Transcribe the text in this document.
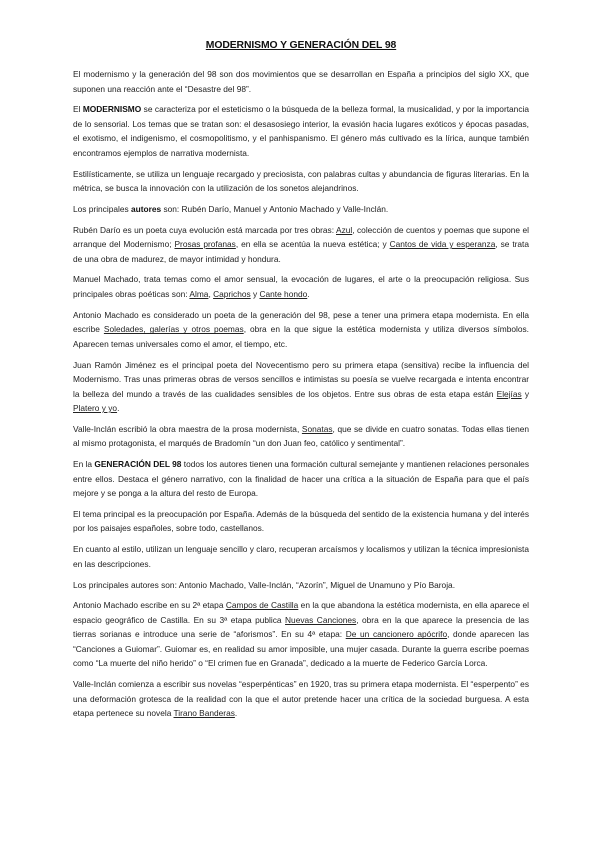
MODERNISMO Y GENERACIÓN DEL 98

El modernismo y la generación del 98 son dos movimientos que se desarrollan en España a principios del siglo XX, que suponen una reacción ante el “Desastre del 98”.

El MODERNISMO se caracteriza por el esteticismo o la búsqueda de la belleza formal, la musicalidad, y por la importancia de lo sensorial. Los temas que se tratan son: el desasosiego interior, la evasión hacia lugares exóticos y épocas pasadas, el exotismo, el indigenismo, el cosmopolitismo, y el panhispanismo. El género más cultivado es la lírica, aunque también encontramos ejemplos de narrativa modernista.

Estilísticamente, se utiliza un lenguaje recargado y preciosista, con palabras cultas y abundancia de figuras literarias. En la métrica, se busca la innovación con la utilización de los sonetos alejandrinos.

Los principales autores son: Rubén Darío, Manuel y Antonio Machado y Valle-Inclán.

Rubén Darío es un poeta cuya evolución está marcada por tres obras: Azul, colección de cuentos y poemas que supone el arranque del Modernismo; Prosas profanas, en ella se acentúa la nueva estética; y Cantos de vida y esperanza, se trata de una obra de madurez, de mayor intimidad y hondura.

Manuel Machado, trata temas como el amor sensual, la evocación de lugares, el arte o la preocupación religiosa. Sus principales obras poéticas son: Alma, Caprichos y Cante hondo.

Antonio Machado es considerado un poeta de la generación del 98, pese a tener una primera etapa modernista. En ella escribe Soledades, galerías y otros poemas, obra en la que sigue la estética modernista y utiliza diversos símbolos. Aparecen temas universales como el amor, el tiempo, etc.

Juan Ramón Jiménez es el principal poeta del Novecentismo pero su primera etapa (sensitiva) recibe la influencia del Modernismo. Tras unas primeras obras de versos sencillos e intimistas su poesía se vuelve recargada e intenta encontrar la belleza del mundo a través de las cualidades sensibles de los objetos. Entre sus obras de esta etapa están Elejías y Platero y yo.

Valle-Inclán escribió la obra maestra de la prosa modernista, Sonatas, que se divide en cuatro sonatas. Todas ellas tienen al mismo protagonista, el marqués de Bradomín “un don Juan feo, católico y sentimental”.

En la GENERACIÓN DEL 98 todos los autores tienen una formación cultural semejante y mantienen relaciones personales entre ellos. Destaca el género narrativo, con la finalidad de hacer una crítica a la situación de España para que el país mejore y se ponga a la altura del resto de Europa.

El tema principal es la preocupación por España. Además de la búsqueda del sentido de la existencia humana y del interés por los paisajes españoles, sobre todo, castellanos.

En cuanto al estilo, utilizan un lenguaje sencillo y claro, recuperan arcaísmos y localismos y utilizan la técnica impresionista en las descripciones.

Los principales autores son: Antonio Machado, Valle-Inclán, “Azorín”, Miguel de Unamuno y Pío Baroja.

Antonio Machado escribe en su 2ª etapa Campos de Castilla en la que abandona la estética modernista, en ella aparece el espacio geográfico de Castilla. En su 3ª etapa publica Nuevas Canciones, obra en la que aparece la presencia de las tierras sorianas e introduce una serie de “aforismos”. En su 4ª etapa: De un cancionero apócrifo, donde aparecen las “Canciones a Guiomar”. Guiomar es, en realidad su amor imposible, una mujer casada. Durante la guerra escribe poemas como “La muerte del niño herido” o “El crimen fue en Granada”, dedicado a la muerte de Federico García Lorca.

Valle-Inclán comienza a escribir sus novelas “esperpénticas” en 1920, tras su primera etapa modernista. El “esperpento” es una deformación grotesca de la realidad con la que el autor pretende hacer una crítica de la sociedad burguesa. A esta etapa pertenece su novela Tirano Banderas.
